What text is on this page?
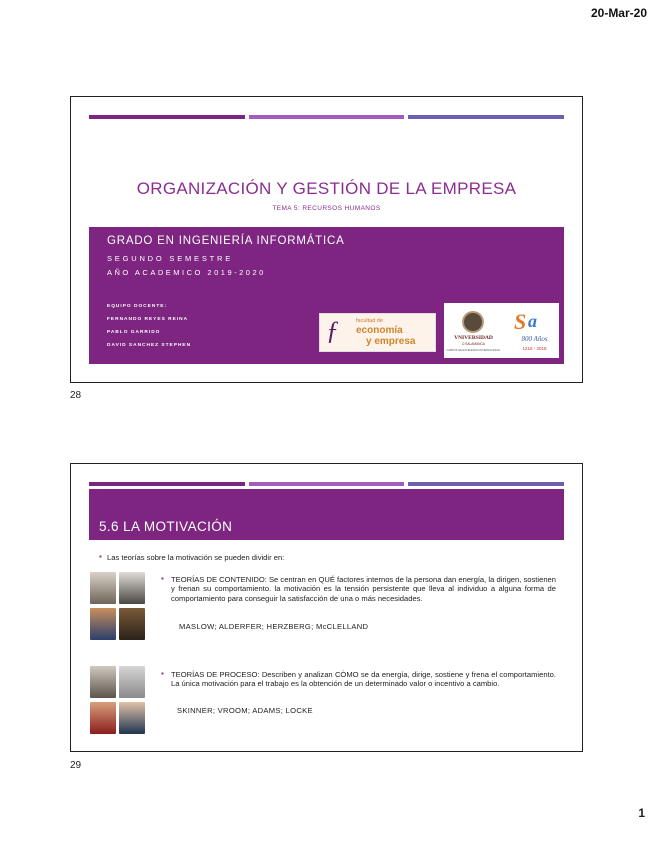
20-Mar-20
ORGANIZACIÓN Y GESTIÓN DE LA EMPRESA
TEMA 5: RECURSOS HUMANOS
GRADO EN INGENIERÍA INFORMÁTICA
SEGUNDO SEMESTRE
AÑO ACADEMICO 2019-2020
EQUIPO DOCENTE:
FERNANDO REYES REINA
PABLO GARRIDO
DAVID SANCHEZ STEPHEN
ƒ	facultad de
economía
y empresa	VNIVERSIDAD
D SALAMANCA
CAMPUS DE EXCELENCIA INTERNACIONAL
S a
800 Años
1218 - 2018
28
5.6 LA MOTIVACIÓN
▪ Las teorías sobre la motivación se pueden dividir en:
▪ TEORÍAS DE CONTENIDO: Se centran en QUÉ factores internos de la persona dan energía, la dirigen, sostienen y frenan su comportamiento. la motivación es la tensión persistente que lleva al individuo a alguna forma de comportamiento para conseguir la satisfacción de una o más necesidades.
MASLOW; ALDERFER; HERZBERG; McCLELLAND
▪ TEORÍAS DE PROCESO: Describen y analizan CÓMO se da energía, dirige, sostiene y frena el comportamiento. La única motivación para el trabajo es la obtención de un determinado valor o incentivo a cambio.
SKINNER; VROOM; ADAMS; LOCKE
29
1
